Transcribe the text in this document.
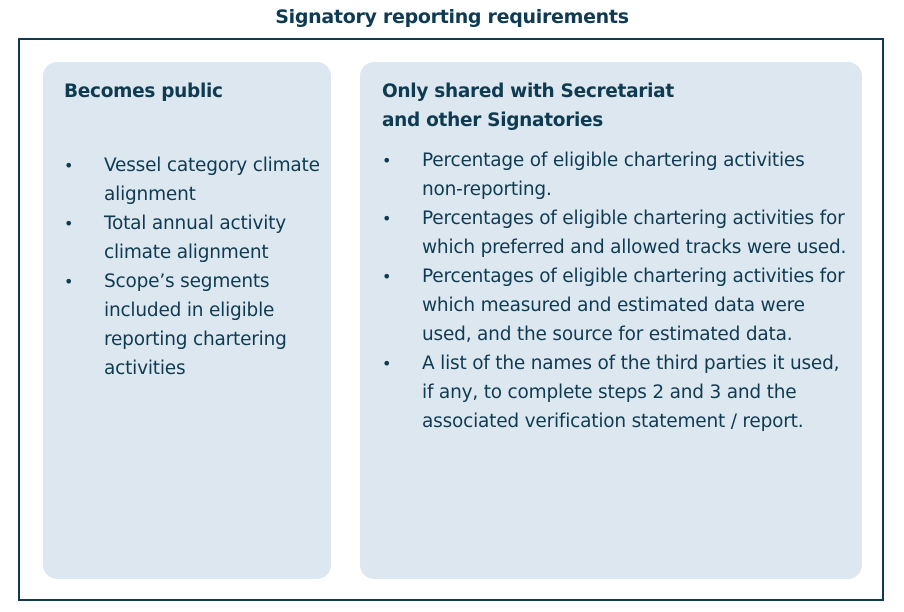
Signatory reporting requirements
Becomes public
• Vessel category climate alignment
• Total annual activity climate alignment
• Scope’s segments included in eligible reporting chartering activities
Only shared with Secretariat
and other Signatories
• Percentage of eligible chartering activities non-reporting.
• Percentages of eligible chartering activities for which preferred and allowed tracks were used.
• Percentages of eligible chartering activities for which measured and estimated data were used, and the source for estimated data.
• A list of the names of the third parties it used, if any, to complete steps 2 and 3 and the associated verification statement / report.
